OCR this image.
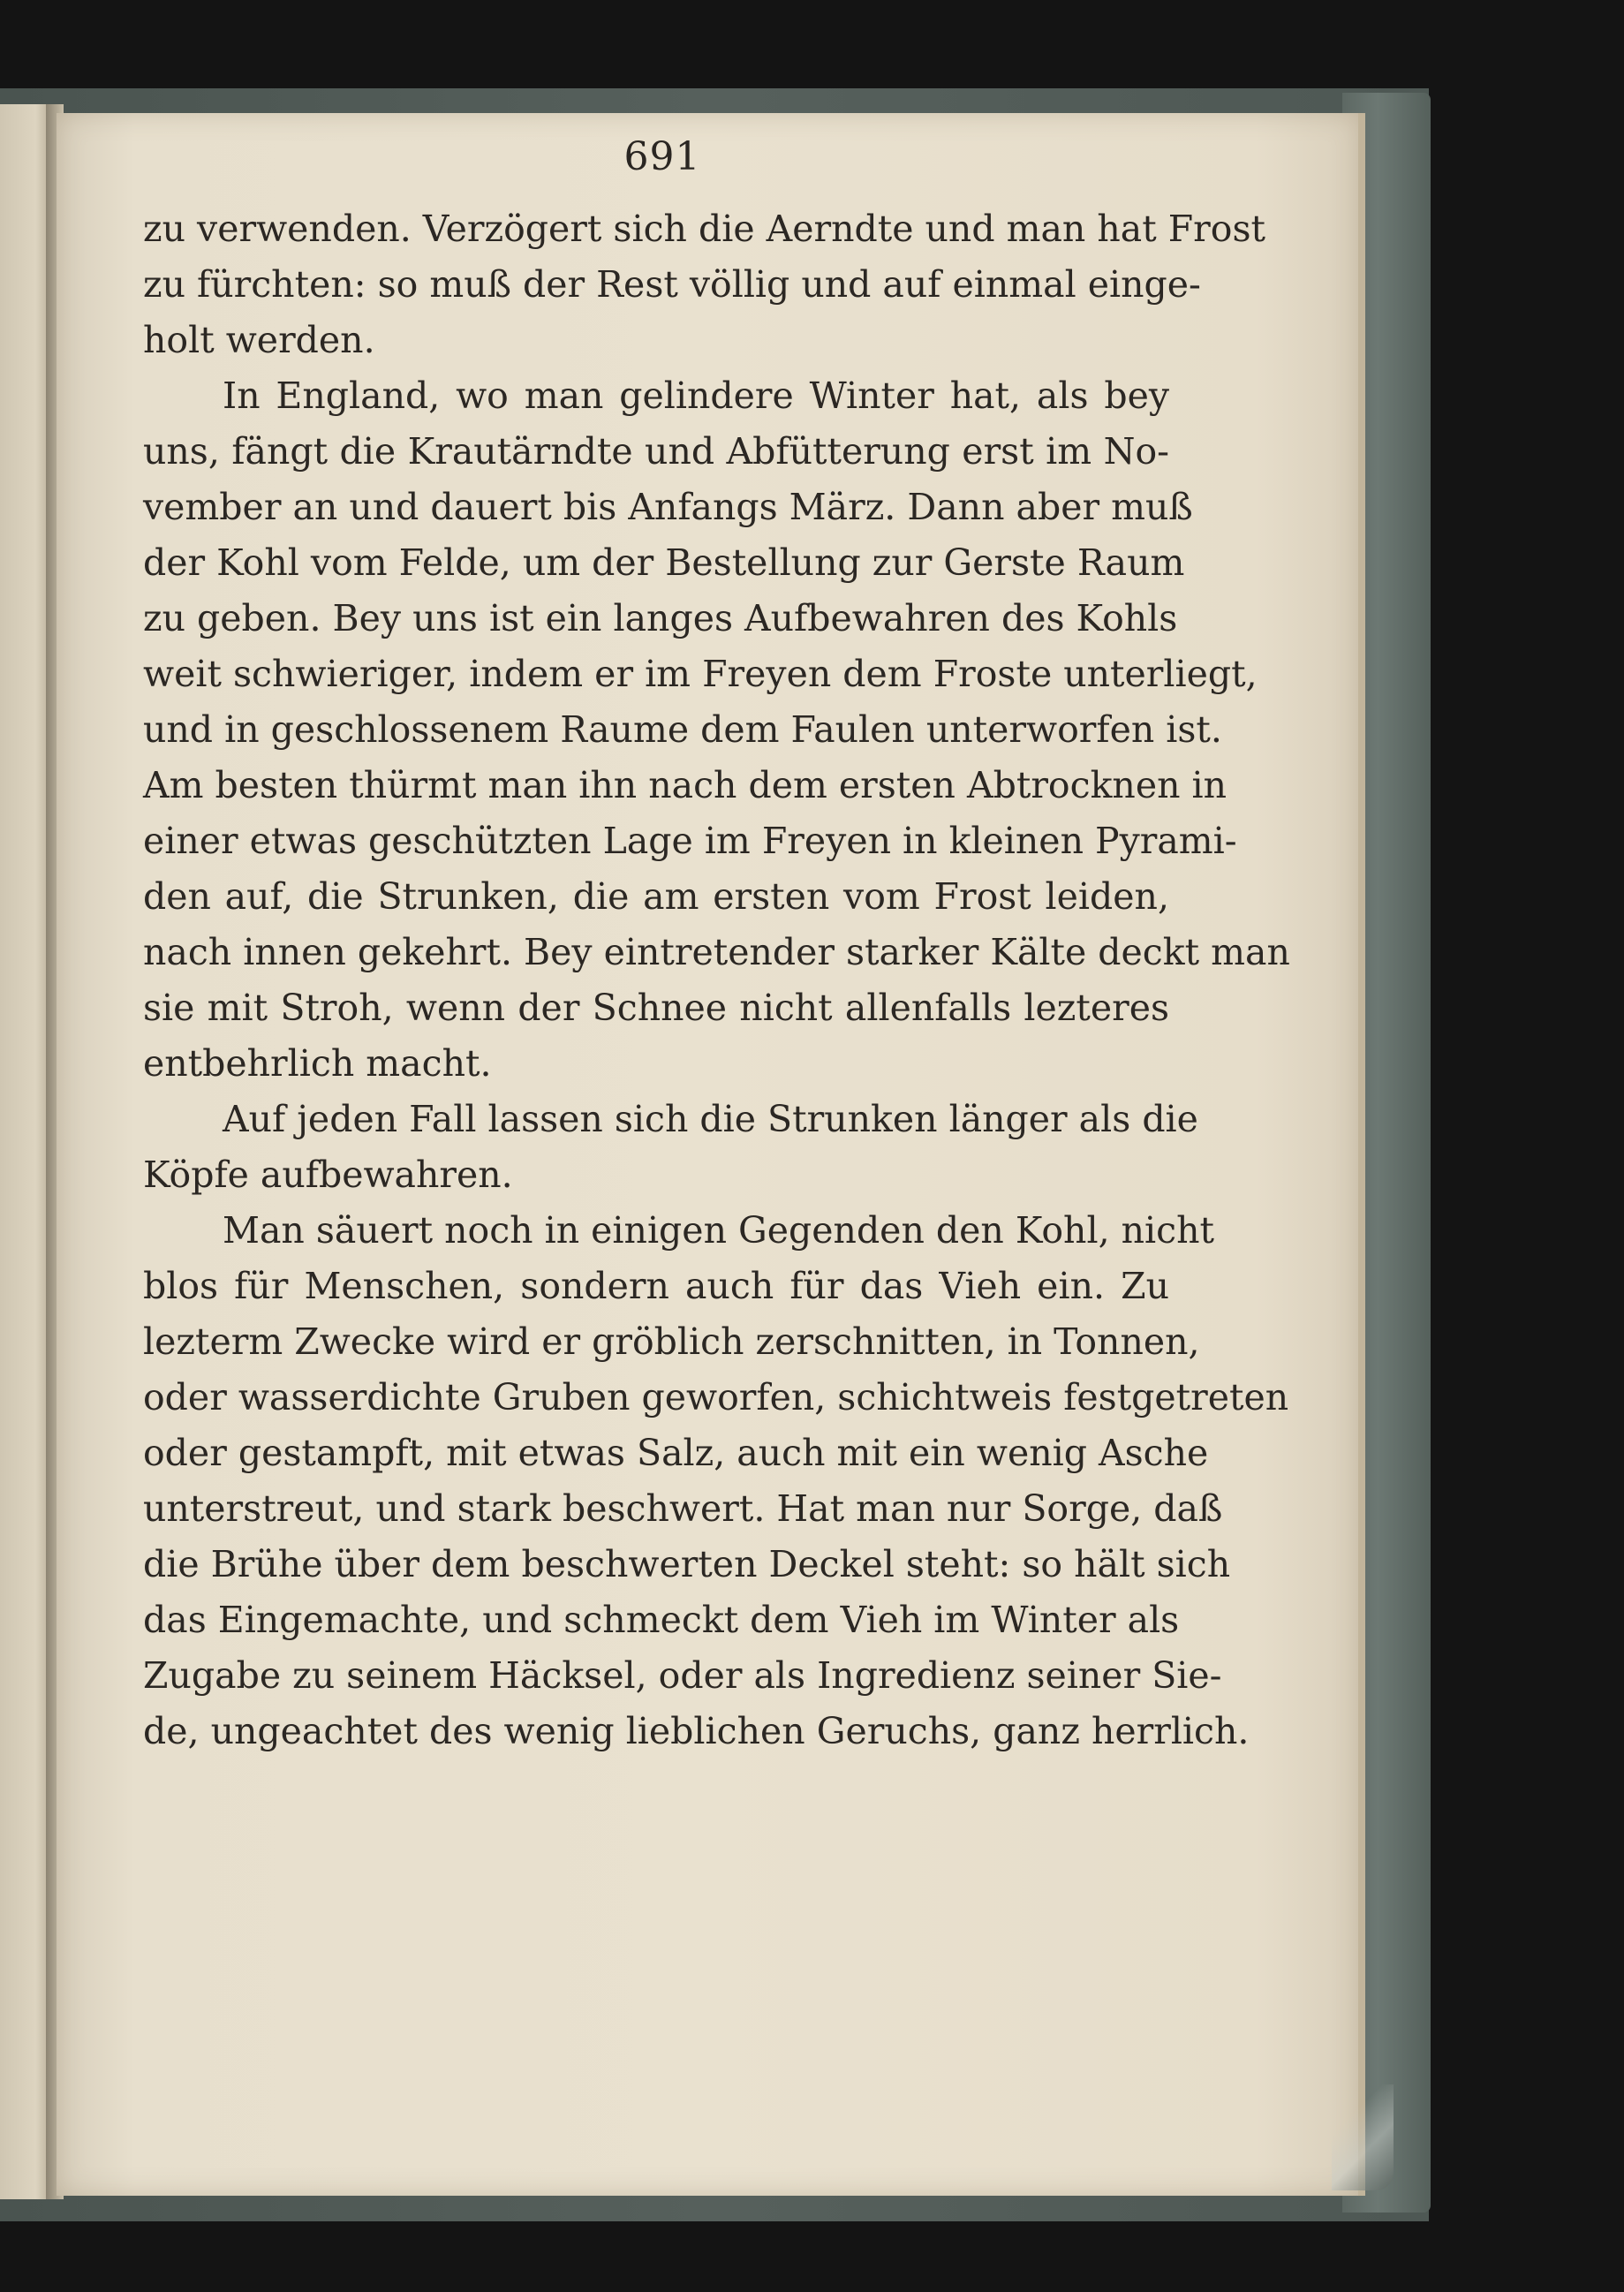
691
zu verwenden. Verzögert sich die Aerndte und man hat Frost
zu fürchten: so muß der Rest völlig und auf einmal einge-
holt werden.
In England, wo man gelindere Winter hat, als bey
uns, fängt die Krautärndte und Abfütterung erst im No-
vember an und dauert bis Anfangs März. Dann aber muß
der Kohl vom Felde, um der Bestellung zur Gerste Raum
zu geben. Bey uns ist ein langes Aufbewahren des Kohls
weit schwieriger, indem er im Freyen dem Froste unterliegt,
und in geschlossenem Raume dem Faulen unterworfen ist.
Am besten thürmt man ihn nach dem ersten Abtrocknen in
einer etwas geschützten Lage im Freyen in kleinen Pyrami-
den auf, die Strunken, die am ersten vom Frost leiden,
nach innen gekehrt. Bey eintretender starker Kälte deckt man
sie mit Stroh, wenn der Schnee nicht allenfalls lezteres
entbehrlich macht.
Auf jeden Fall lassen sich die Strunken länger als die
Köpfe aufbewahren.
Man säuert noch in einigen Gegenden den Kohl, nicht
blos für Menschen, sondern auch für das Vieh ein. Zu
lezterm Zwecke wird er gröblich zerschnitten, in Tonnen,
oder wasserdichte Gruben geworfen, schichtweis festgetreten
oder gestampft, mit etwas Salz, auch mit ein wenig Asche
unterstreut, und stark beschwert. Hat man nur Sorge, daß
die Brühe über dem beschwerten Deckel steht: so hält sich
das Eingemachte, und schmeckt dem Vieh im Winter als
Zugabe zu seinem Häcksel, oder als Ingredienz seiner Sie-
de, ungeachtet des wenig lieblichen Geruchs, ganz herrlich.
